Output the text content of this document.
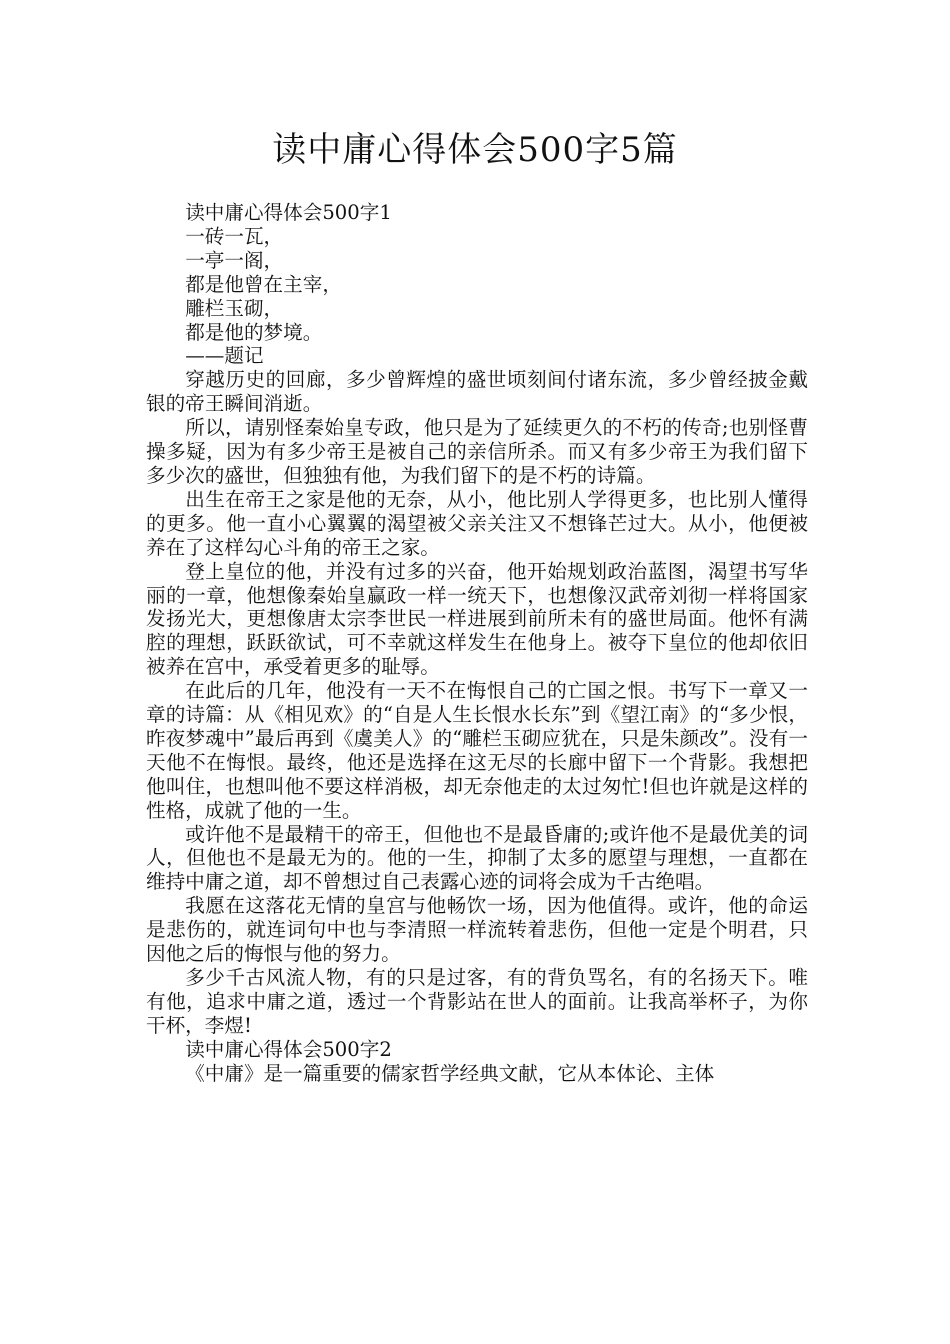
读中庸心得体会500字5篇

读中庸心得体会500字1

一砖一瓦，

一亭一阁，

都是他曾在主宰，

雕栏玉砌，

都是他的梦境。

——题记

穿越历史的回廊，多少曾辉煌的盛世顷刻间付诸东流，多少曾经披金戴银的帝王瞬间消逝。

所以，请别怪秦始皇专政，他只是为了延续更久的不朽的传奇;也别怪曹操多疑，因为有多少帝王是被自己的亲信所杀。而又有多少帝王为我们留下多少次的盛世，但独独有他，为我们留下的是不朽的诗篇。

出生在帝王之家是他的无奈，从小，他比别人学得更多，也比别人懂得的更多。他一直小心翼翼的渴望被父亲关注又不想锋芒过大。从小，他便被养在了这样勾心斗角的帝王之家。

登上皇位的他，并没有过多的兴奋，他开始规划政治蓝图，渴望书写华丽的一章，他想像秦始皇赢政一样一统天下，也想像汉武帝刘彻一样将国家发扬光大，更想像唐太宗李世民一样进展到前所未有的盛世局面。他怀有满腔的理想，跃跃欲试，可不幸就这样发生在他身上。被夺下皇位的他却依旧被养在宫中，承受着更多的耻辱。

在此后的几年，他没有一天不在悔恨自己的亡国之恨。书写下一章又一章的诗篇：从《相见欢》的“自是人生长恨水长东”到《望江南》的“多少恨，昨夜梦魂中”最后再到《虞美人》的“雕栏玉砌应犹在，只是朱颜改”。没有一天他不在悔恨。最终，他还是选择在这无尽的长廊中留下一个背影。我想把他叫住，也想叫他不要这样消极，却无奈他走的太过匆忙!但也许就是这样的性格，成就了他的一生。

或许他不是最精干的帝王，但他也不是最昏庸的;或许他不是最优美的词人，但他也不是最无为的。他的一生，抑制了太多的愿望与理想，一直都在维持中庸之道，却不曾想过自己表露心迹的词将会成为千古绝唱。

我愿在这落花无情的皇宫与他畅饮一场，因为他值得。或许，他的命运是悲伤的，就连词句中也与李清照一样流转着悲伤，但他一定是个明君，只因他之后的悔恨与他的努力。

多少千古风流人物，有的只是过客，有的背负骂名，有的名扬天下。唯有他，追求中庸之道，透过一个背影站在世人的面前。让我高举杯子，为你干杯，李煜!

读中庸心得体会500字2

《中庸》是一篇重要的儒家哲学经典文献，它从本体论、主体
